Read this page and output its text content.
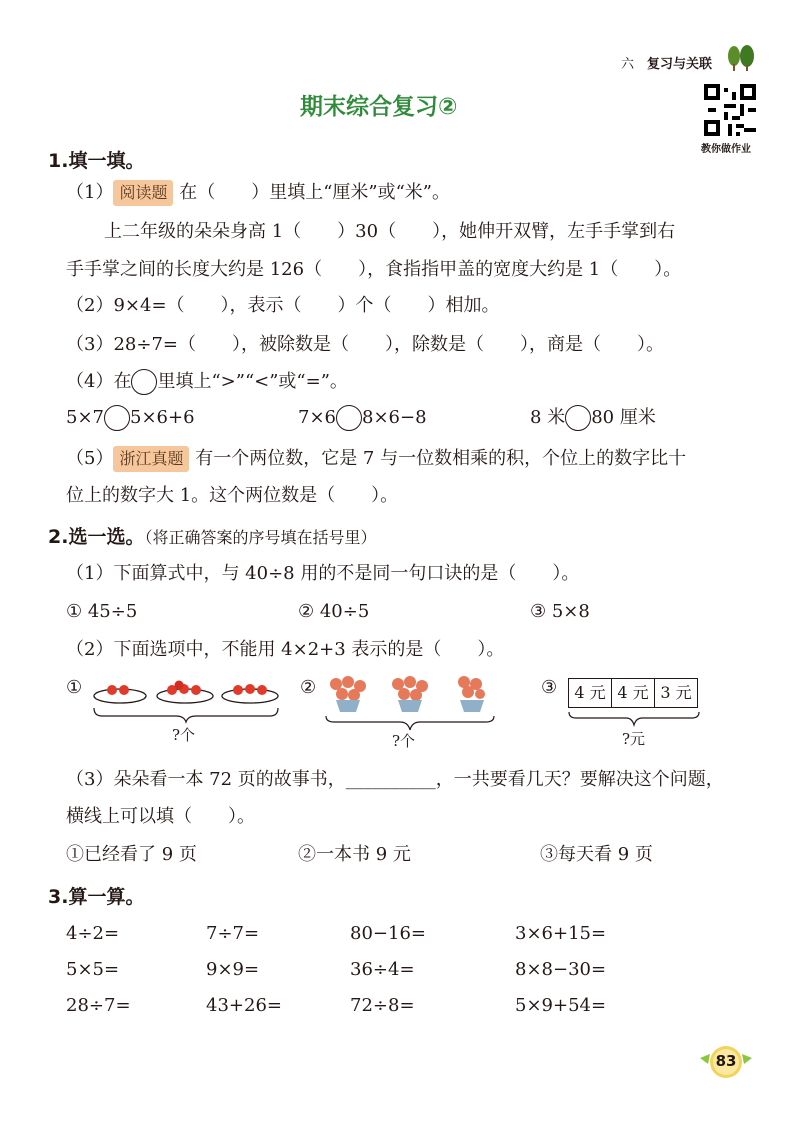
六 复习与关联
期末综合复习②
教你做作业
1.填一填。
（1） 阅读题 在（　　）里填上“厘米”或“米”。
上二年级的朵朵身高 1（　　）30（　　），她伸开双臂，左手手掌到右
手手掌之间的长度大约是 126（　　），食指指甲盖的宽度大约是 1（　　）。
（2）9×4=（　　），表示（　　）个（　　）相加。
（3）28÷7=（　　），被除数是（　　），除数是（　　），商是（　　）。
（4）在 里填上“>”“<”或“=”。
5×7 5×6+6	7×6 8×6−8	8 米 80 厘米
（5） 浙江真题 有一个两位数，它是 7 与一位数相乘的积，个位上的数字比十
位上的数字大 1。这个两位数是（　　）。
2.选一选。（将正确答案的序号填在括号里）
（1）下面算式中，与 40÷8 用的不是同一句口诀的是（　　）。
① 45÷5	② 40÷5	③ 5×8
（2）下面选项中，不能用 4×2+3 表示的是（　　）。
①
?个
②
?个
③	4 元 4 元 3 元
?元
（3）朵朵看一本 72 页的故事书，__________，一共要看几天？要解决这个问题，
横线上可以填（　　）。
①已经看了 9 页	②一本书 9 元	③每天看 9 页
3.算一算。
4÷2=	7÷7=	80−16=	3×6+15=
5×5=	9×9=	36÷4=	8×8−30=
28÷7=	43+26=	72÷8=	5×9+54=
83
